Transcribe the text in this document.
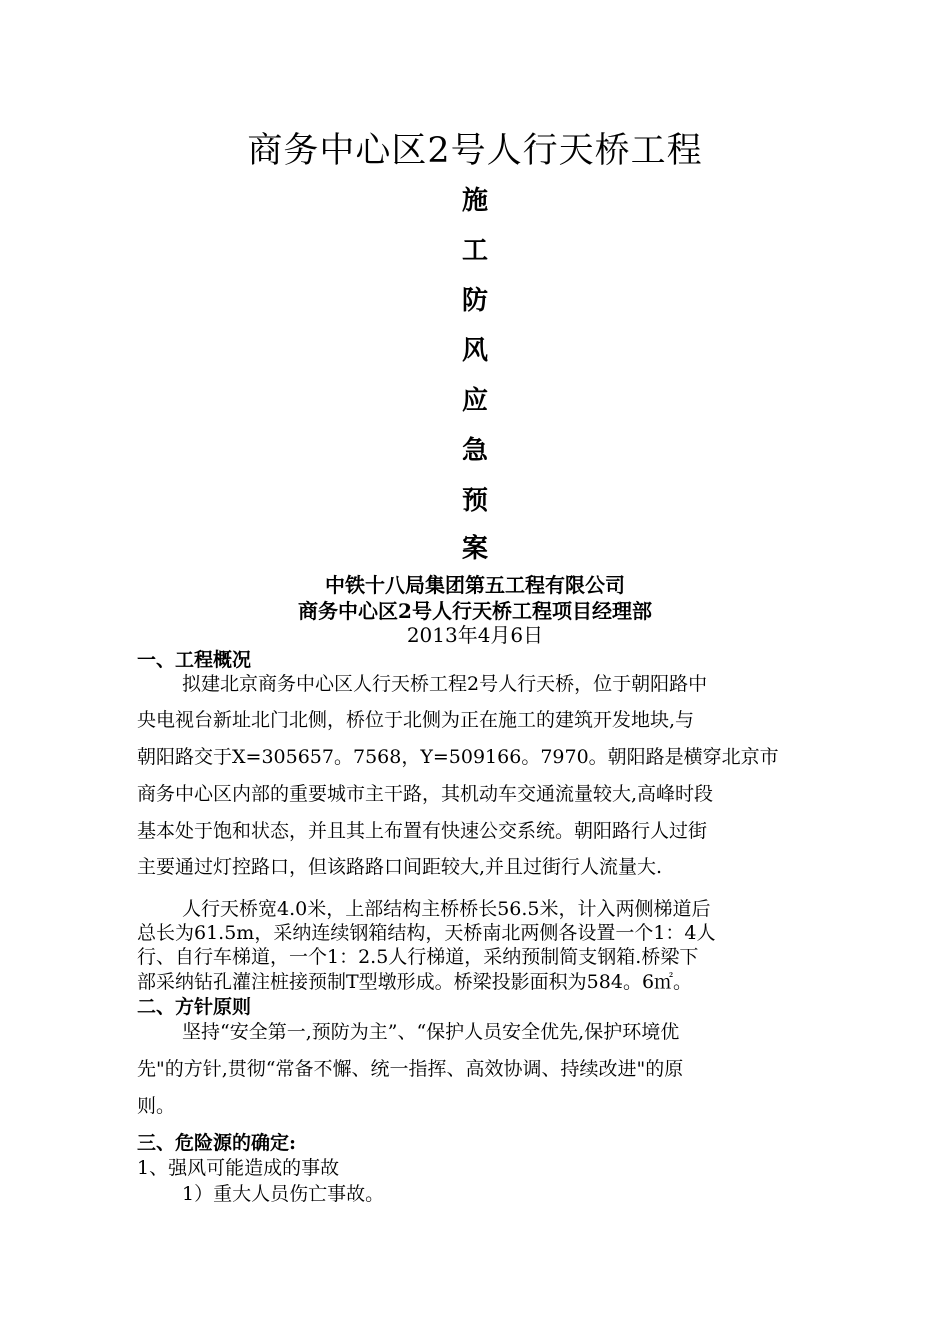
商务中心区2号人行天桥工程
施
工
防
风
应
急
预
案
中铁十八局集团第五工程有限公司
商务中心区2号人行天桥工程项目经理部
2013年4月6日
一、工程概况
拟建北京商务中心区人行天桥工程2号人行天桥，位于朝阳路中
央电视台新址北门北侧，桥位于北侧为正在施工的建筑开发地块,与
朝阳路交于X=305657。7568，Y=509166。7970。朝阳路是横穿北京市
商务中心区内部的重要城市主干路，其机动车交通流量较大,高峰时段
基本处于饱和状态，并且其上布置有快速公交系统。朝阳路行人过街
主要通过灯控路口，但该路路口间距较大,并且过街行人流量大.
人行天桥宽4.0米，上部结构主桥桥长56.5米，计入两侧梯道后
总长为61.5m，采纳连续钢箱结构，天桥南北两侧各设置一个1：4人
行、自行车梯道，一个1：2.5人行梯道，采纳预制简支钢箱.桥梁下
部采纳钻孔灌注桩接预制T型墩形成。桥梁投影面积为584。6㎡。
二、方针原则
坚持“安全第一,预防为主”、“保护人员安全优先,保护环境优
先"的方针,贯彻“常备不懈、统一指挥、高效协调、持续改进"的原
则。
三、危险源的确定:
1、强风可能造成的事故
1）重大人员伤亡事故。
